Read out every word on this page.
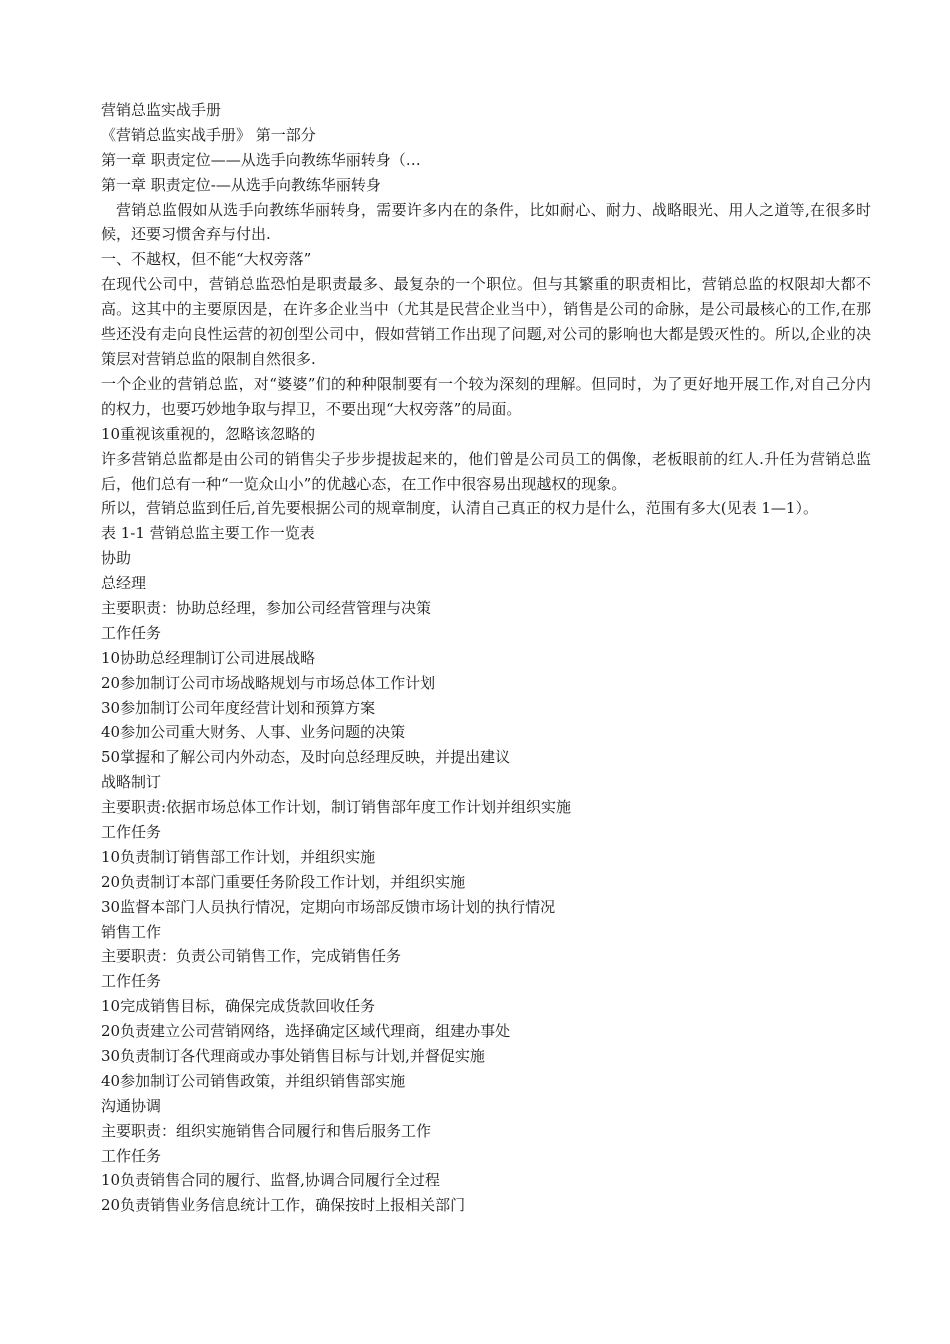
营销总监实战手册
《营销总监实战手册》 第一部分
第一章 职责定位——从选手向教练华丽转身（…
第一章 职责定位-—从选手向教练华丽转身

营销总监假如从选手向教练华丽转身，需要许多内在的条件，比如耐心、耐力、战略眼光、用人之道等,在很多时候，还要习惯舍弃与付出.

一、不越权，但不能“大权旁落”

在现代公司中，营销总监恐怕是职责最多、最复杂的一个职位。但与其繁重的职责相比，营销总监的权限却大都不高。这其中的主要原因是，在许多企业当中（尤其是民营企业当中），销售是公司的命脉，是公司最核心的工作,在那些还没有走向良性运营的初创型公司中，假如营销工作出现了问题,对公司的影响也大都是毁灭性的。所以,企业的决策层对营销总监的限制自然很多.

一个企业的营销总监，对“婆婆”们的种种限制要有一个较为深刻的理解。但同时，为了更好地开展工作,对自己分内的权力，也要巧妙地争取与捍卫，不要出现“大权旁落”的局面。

10重视该重视的，忽略该忽略的

许多营销总监都是由公司的销售尖子步步提拔起来的，他们曾是公司员工的偶像，老板眼前的红人.升任为营销总监后，他们总有一种“一览众山小”的优越心态，在工作中很容易出现越权的现象。

所以，营销总监到任后,首先要根据公司的规章制度，认清自己真正的权力是什么，范围有多大(见表 1—1）。

表 1-1 营销总监主要工作一览表
协助
总经理
主要职责：协助总经理，参加公司经营管理与决策
工作任务
10协助总经理制订公司进展战略
20参加制订公司市场战略规划与市场总体工作计划
30参加制订公司年度经营计划和预算方案
40参加公司重大财务、人事、业务问题的决策
50掌握和了解公司内外动态，及时向总经理反映，并提出建议
战略制订
主要职责:依据市场总体工作计划，制订销售部年度工作计划并组织实施
工作任务
10负责制订销售部工作计划，并组织实施
20负责制订本部门重要任务阶段工作计划，并组织实施
30监督本部门人员执行情况，定期向市场部反馈市场计划的执行情况
销售工作
主要职责：负责公司销售工作，完成销售任务
工作任务
10完成销售目标，确保完成货款回收任务
20负责建立公司营销网络，选择确定区域代理商，组建办事处
30负责制订各代理商或办事处销售目标与计划,并督促实施
40参加制订公司销售政策，并组织销售部实施
沟通协调
主要职责：组织实施销售合同履行和售后服务工作
工作任务
10负责销售合同的履行、监督,协调合同履行全过程
20负责销售业务信息统计工作，确保按时上报相关部门
